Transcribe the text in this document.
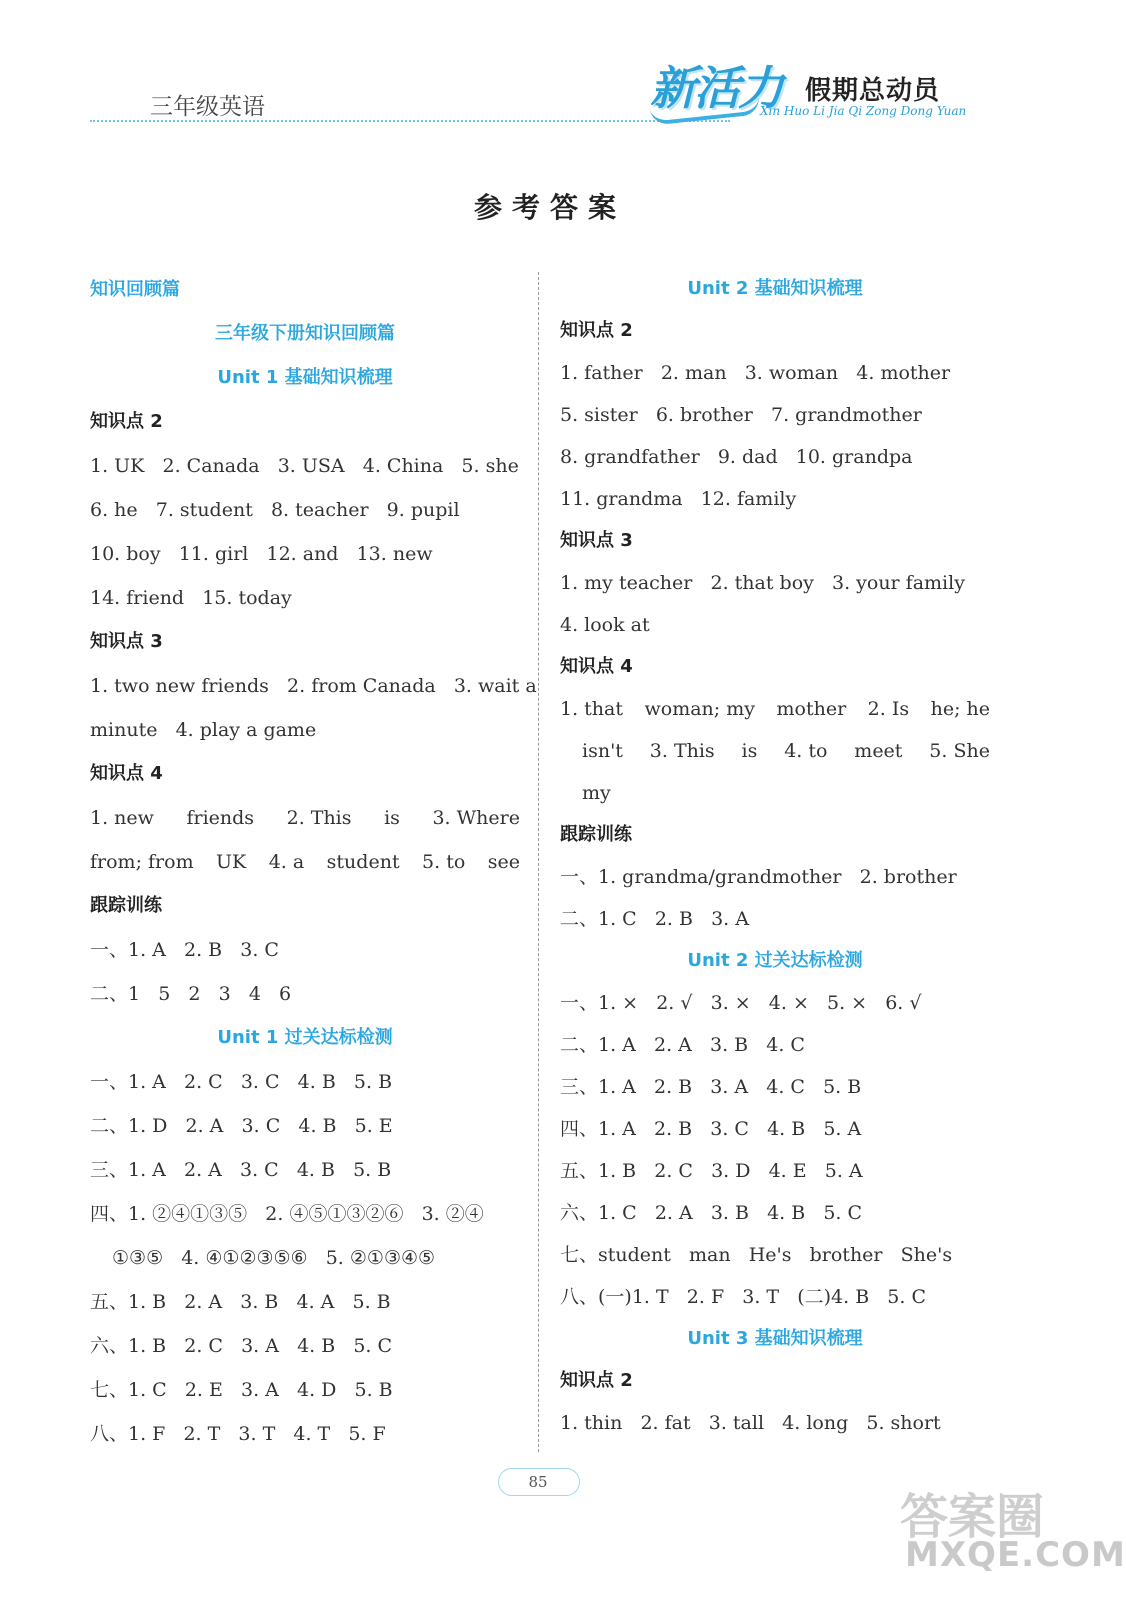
三年级英语	新活力 假期总动员
Xin Huo Li Jia Qi Zong Dong Yuan
参考答案
知识回顾篇
三年级下册知识回顾篇
Unit 1 基础知识梳理
知识点 2
1. UK   2. Canada   3. USA   4. China   5. she
6. he   7. student   8. teacher   9. pupil
10. boy   11. girl   12. and   13. new
14. friend   15. today
知识点 3
1. two new friends   2. from Canada   3. wait a
minute   4. play a game
知识点 4
1. new friends 2. This is 3. Where
from; from UK 4. a student 5. to see
跟踪训练
一、1. A   2. B   3. C
二、1   5   2   3   4   6
Unit 1 过关达标检测
一、1. A   2. C   3. C   4. B   5. B
二、1. D   2. A   3. C   4. B   5. E
三、1. A   2. A   3. C   4. B   5. B
四、1. ②④①③⑤   2. ④⑤①③②⑥   3. ②④
①③⑤   4. ④①②③⑤⑥   5. ②①③④⑤
五、1. B   2. A   3. B   4. A   5. B
六、1. B   2. C   3. A   4. B   5. C
七、1. C   2. E   3. A   4. D   5. B
八、1. F   2. T   3. T   4. T   5. F
Unit 2 基础知识梳理
知识点 2
1. father   2. man   3. woman   4. mother
5. sister   6. brother   7. grandmother
8. grandfather   9. dad   10. grandpa
11. grandma   12. family
知识点 3
1. my teacher   2. that boy   3. your family
4. look at
知识点 4
1. that woman; my mother 2. Is he; he
isn't 3. This is 4. to meet 5. She
my
跟踪训练
一、1. grandma/grandmother   2. brother
二、1. C   2. B   3. A
Unit 2 过关达标检测
一、1. ×   2. √   3. ×   4. ×   5. ×   6. √
二、1. A   2. A   3. B   4. C
三、1. A   2. B   3. A   4. C   5. B
四、1. A   2. B   3. C   4. B   5. A
五、1. B   2. C   3. D   4. E   5. A
六、1. C   2. A   3. B   4. B   5. C
七、student   man   He's   brother   She's
八、(一)1. T   2. F   3. T   (二)4. B   5. C
Unit 3 基础知识梳理
知识点 2
1. thin   2. fat   3. tall   4. long   5. short
85
答案圈
MXQE.COM
